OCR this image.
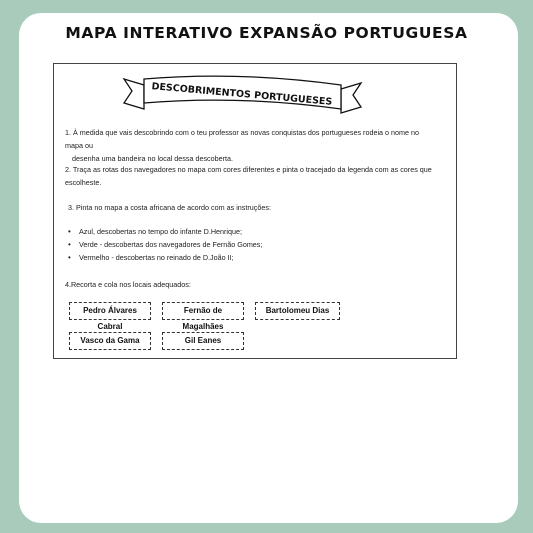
MAPA INTERATIVO EXPANSÃO PORTUGUESA
DESCOBRIMENTOS PORTUGUESES
1. À medida que vais descobrindo com o teu professor as novas conquistas dos portugueses rodeia o nome no mapa ou
desenha uma bandeira no local dessa descoberta.
2. Traça as rotas dos navegadores no mapa com cores diferentes e pinta o tracejado da legenda com as cores que escolheste.
3. Pinta no mapa a costa africana de acordo com as instruções:
• Azul, descobertas no tempo do infante D.Henrique;
• Verde - descobertas dos navegadores de Fernão Gomes;
• Vermelho - descobertas no reinado de D.João II;
4.Recorta e cola nos locais adequados:
Pedro Álvares Cabral
Fernão de Magalhães
Bartolomeu Dias
Vasco da Gama	Gil Eanes
